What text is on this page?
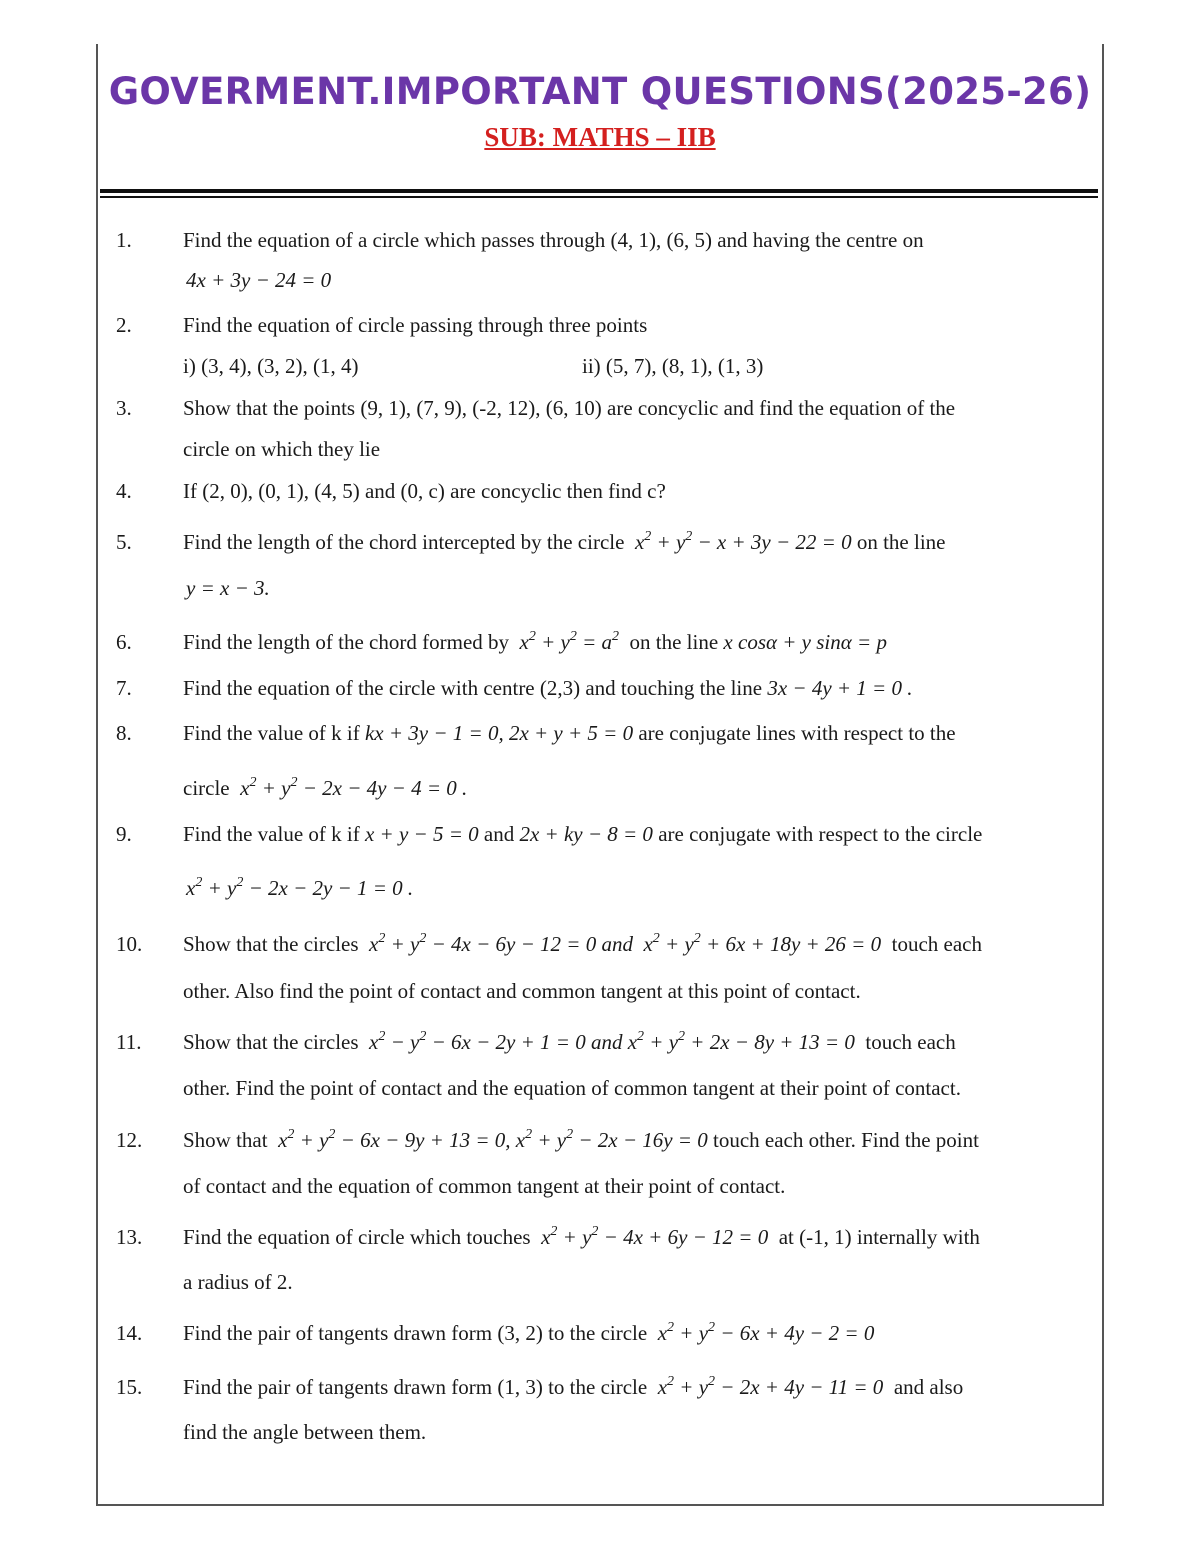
GOVERMENT.IMPORTANT QUESTIONS(2025-26)
SUB: MATHS – IIB
1. Find the equation of a circle which passes through (4, 1), (6, 5) and having the centre on
4x + 3y − 24 = 0
2. Find the equation of circle passing through three points
i) (3, 4), (3, 2), (1, 4)	ii) (5, 7), (8, 1), (1, 3)
3. Show that the points (9, 1), (7, 9), (-2, 12), (6, 10) are concyclic and find the equation of the
circle on which they lie
4. If (2, 0), (0, 1), (4, 5) and (0, c) are concyclic then find c?
5. Find the length of the chord intercepted by the circle $x^2 + y^2 - x + 3y - 22 = 0$ on the line
y = x − 3.
6. Find the length of the chord formed by $x^2 + y^2 = a^2$ on the line x cosα + y sinα = p
7. Find the equation of the circle with centre (2,3) and touching the line 3x − 4y + 1 = 0 .
8. Find the value of k if kx + 3y − 1 = 0, 2x + y + 5 = 0 are conjugate lines with respect to the
circle $x^2 + y^2 - 2x - 4y - 4 = 0$ .
9. Find the value of k if x + y − 5 = 0 and 2x + ky − 8 = 0 are conjugate with respect to the circle
$x^2 + y^2 - 2x - 2y - 1 = 0$ .
10. Show that the circles $x^2 + y^2 - 4x - 6y - 12 = 0$ and $x^2 + y^2 + 6x + 18y + 26 = 0$ touch each
other. Also find the point of contact and common tangent at this point of contact.
11. Show that the circles $x^2 - y^2 - 6x - 2y + 1 = 0$ and $x^2 + y^2 + 2x - 8y + 13 = 0$ touch each
other. Find the point of contact and the equation of common tangent at their point of contact.
12. Show that $x^2 + y^2 - 6x - 9y + 13 = 0$, $x^2 + y^2 - 2x - 16y = 0$ touch each other. Find the point
of contact and the equation of common tangent at their point of contact.
13. Find the equation of circle which touches $x^2 + y^2 - 4x + 6y - 12 = 0$ at (-1, 1) internally with
a radius of 2.
14. Find the pair of tangents drawn form (3, 2) to the circle $x^2 + y^2 - 6x + 4y - 2 = 0$
15. Find the pair of tangents drawn form (1, 3) to the circle $x^2 + y^2 - 2x + 4y - 11 = 0$ and also
find the angle between them.
